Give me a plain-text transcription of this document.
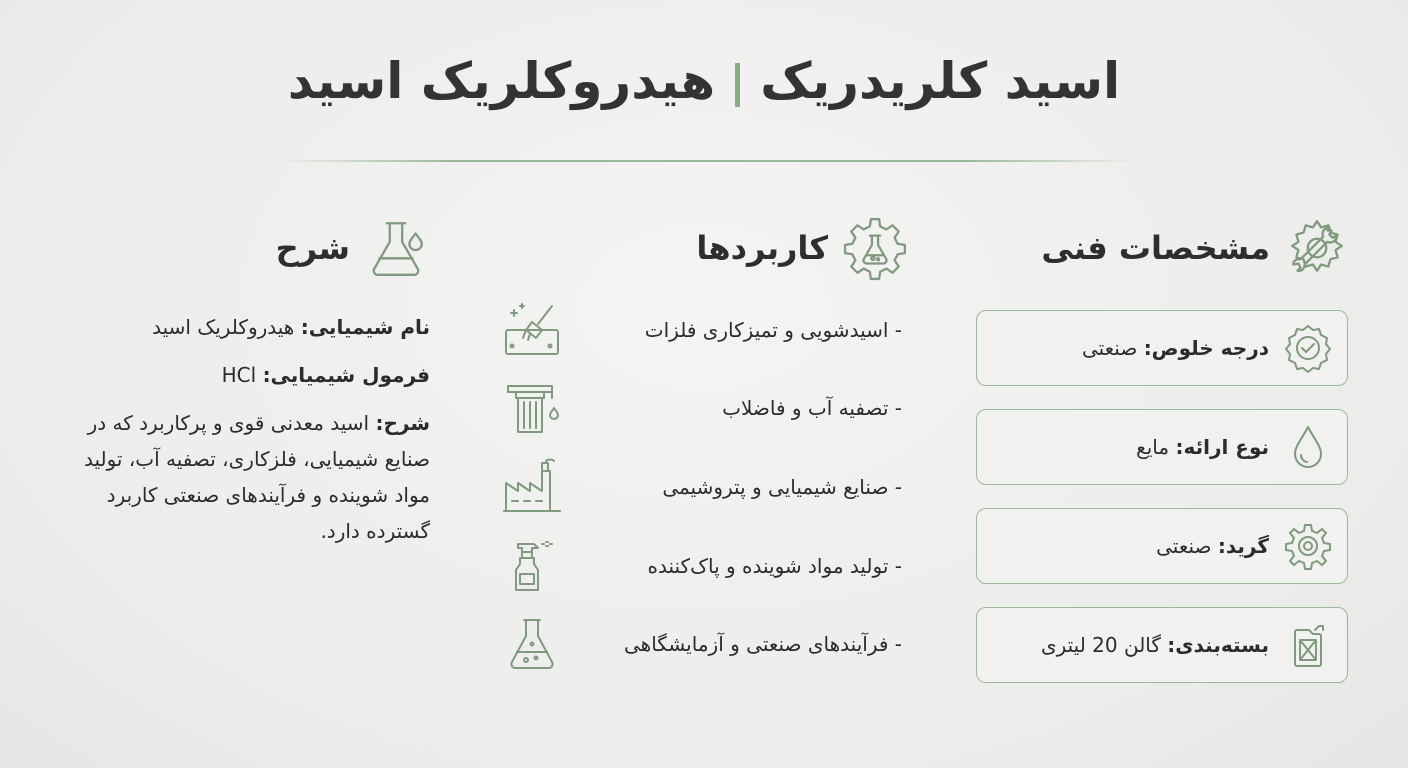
اسید کلریدریکهیدروکلریک اسید
مشخصات فنی
درجه خلوص: صنعتی
نوع ارائه: مایع
گرید: صنعتی
بسته‌بندی: گالن 20 لیتری
کاربردها
- اسیدشویی و تمیزکاری فلزات
- تصفیه آب و فاضلاب
- صنایع شیمیایی و پتروشیمی
- تولید مواد شوینده و پاک‌کننده
- فرآیندهای صنعتی و آزمایشگاهی
شرح

نام شیمیایی: هیدروکلریک اسید

فرمول شیمیایی: HCl

شرح: اسید معدنی قوی و پرکاربرد که در صنایع شیمیایی، فلزکاری، تصفیه آب، تولید مواد شوینده و فرآیندهای صنعتی کاربرد گسترده دارد.
